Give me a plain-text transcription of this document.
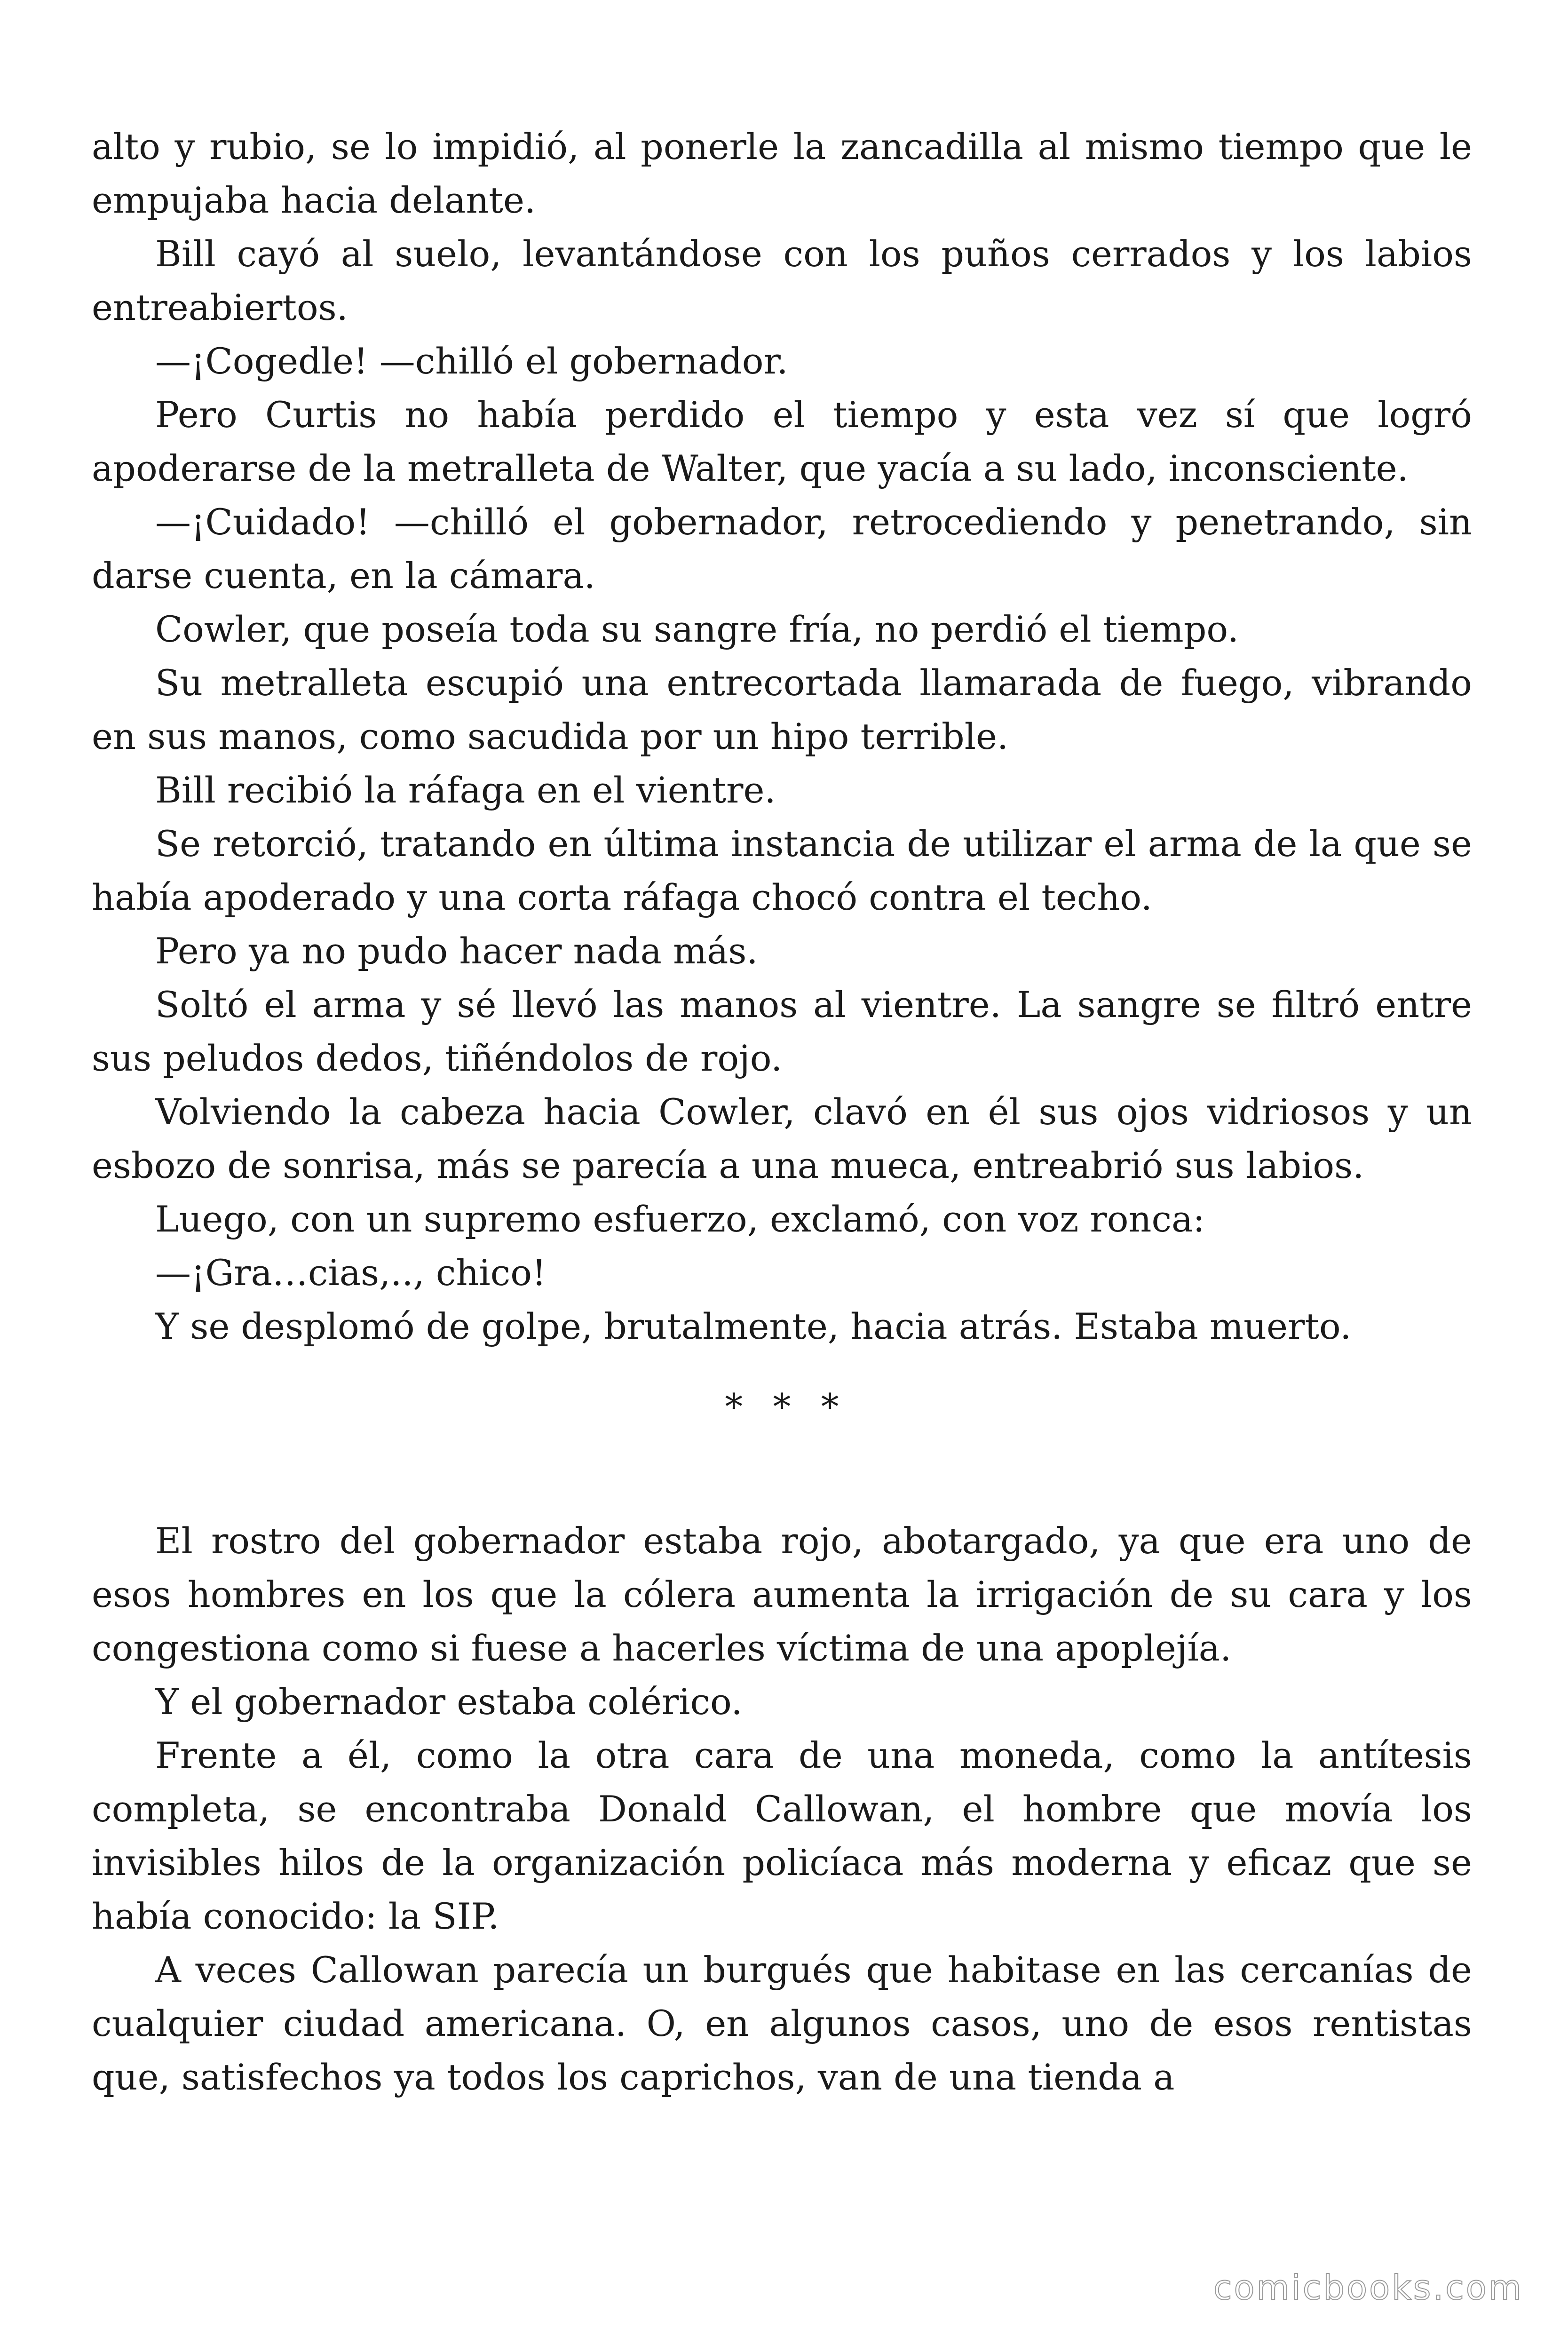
alto y rubio, se lo impidió, al ponerle la zancadilla al mismo tiempo que le empujaba hacia delante.

Bill cayó al suelo, levantándose con los puños cerrados y los labios entreabiertos.

—¡Cogedle! —chilló el gobernador.

Pero Curtis no había perdido el tiempo y esta vez sí que logró apoderarse de la metralleta de Walter, que yacía a su lado, inconsciente.

—¡Cuidado! —chilló el gobernador, retrocediendo y penetrando, sin darse cuenta, en la cámara.

Cowler, que poseía toda su sangre fría, no perdió el tiempo.

Su metralleta escupió una entrecortada llamarada de fuego, vibrando en sus manos, como sacudida por un hipo terrible.

Bill recibió la ráfaga en el vientre.

Se retorció, tratando en última instancia de utilizar el arma de la que se había apoderado y una corta ráfaga chocó contra el techo.

Pero ya no pudo hacer nada más.

Soltó el arma y sé llevó las manos al vientre. La sangre se filtró entre sus peludos dedos, tiñéndolos de rojo.

Volviendo la cabeza hacia Cowler, clavó en él sus ojos vidriosos y un esbozo de sonrisa, más se parecía a una mueca, entreabrió sus labios.

Luego, con un supremo esfuerzo, exclamó, con voz ronca:

—¡Gra…cias,.., chico!

Y se desplomó de golpe, brutalmente, hacia atrás. Estaba muerto.

* * *

El rostro del gobernador estaba rojo, abotargado, ya que era uno de esos hombres en los que la cólera aumenta la irrigación de su cara y los congestiona como si fuese a hacerles víctima de una apoplejía.

Y el gobernador estaba colérico.

Frente a él, como la otra cara de una moneda, como la antítesis completa, se encontraba Donald Callowan, el hombre que movía los invisibles hilos de la organización policíaca más moderna y eficaz que se había conocido: la SIP.

A veces Callowan parecía un burgués que habitase en las cercanías de cualquier ciudad americana. O, en algunos casos, uno de esos rentistas que, satisfechos ya todos los caprichos, van de una tienda a

comicbooks.com
